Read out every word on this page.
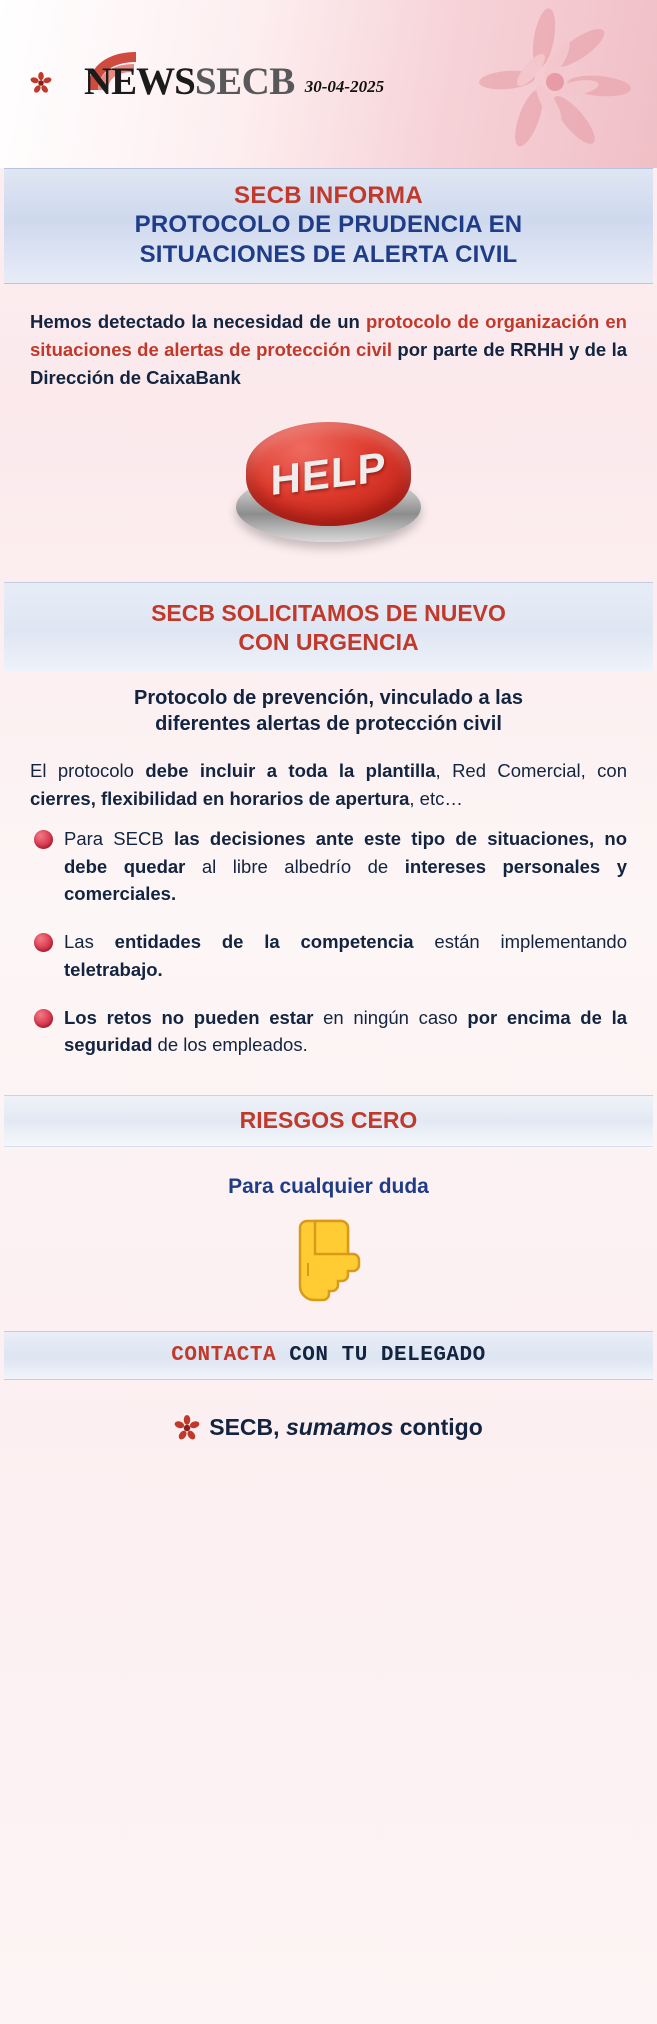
NEWSSECB 30-04-2025
SECB INFORMA
PROTOCOLO DE PRUDENCIA EN
SITUACIONES DE ALERTA CIVIL
Hemos detectado la necesidad de un protocolo de organización en situaciones de alertas de protección civil por parte de RRHH y de la Dirección de CaixaBank
HELP
SECB SOLICITAMOS DE NUEVO
CON URGENCIA
Protocolo de prevención, vinculado a las
diferentes alertas de protección civil
El protocolo debe incluir a toda la plantilla, Red Comercial, con cierres, flexibilidad en horarios de apertura, etc…
Para SECB las decisiones ante este tipo de situaciones, no debe quedar al libre albedrío de intereses personales y comerciales.
Las entidades de la competencia están implementando teletrabajo.
Los retos no pueden estar en ningún caso por encima de la seguridad de los empleados.
RIESGOS CERO
Para cualquier duda
CONTACTA CON TU DELEGADO
SECB, sumamos contigo
